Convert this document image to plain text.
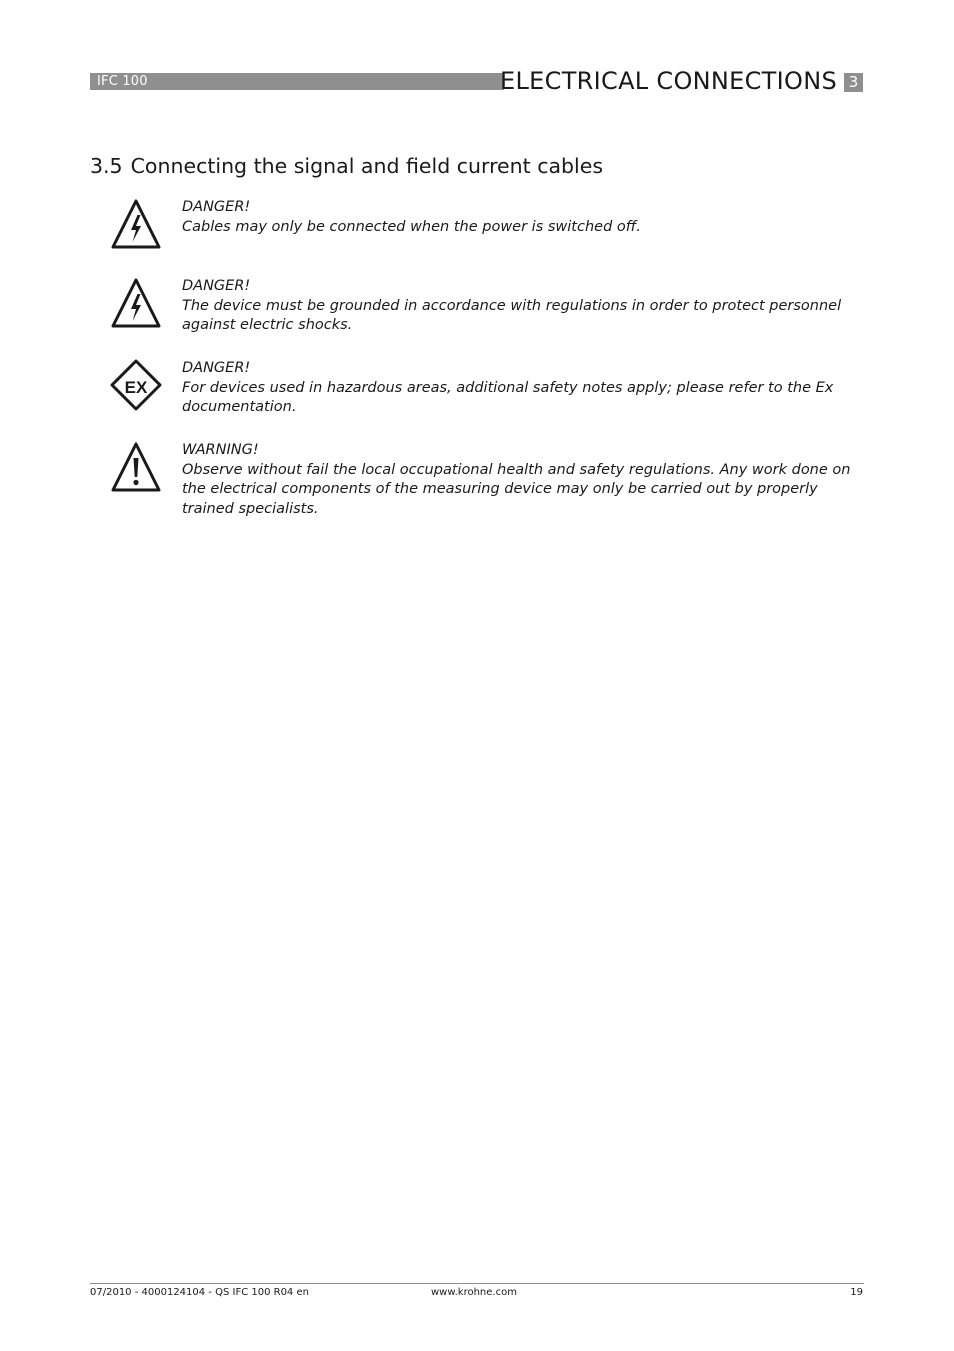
IFC 100	ELECTRICAL CONNECTIONS 3
3.5 Connecting the signal and field current cables
DANGER!
Cables may only be connected when the power is switched off.
DANGER!
The device must be grounded in accordance with regulations in order to protect personnel against electric shocks.
EX
DANGER!
For devices used in hazardous areas, additional safety notes apply; please refer to the Ex documentation.
WARNING!
Observe without fail the local occupational health and safety regulations. Any work done on the electrical components of the measuring device may only be carried out by properly trained specialists.
07/2010 - 4000124104 - QS IFC 100 R04 en	www.krohne.com	19
